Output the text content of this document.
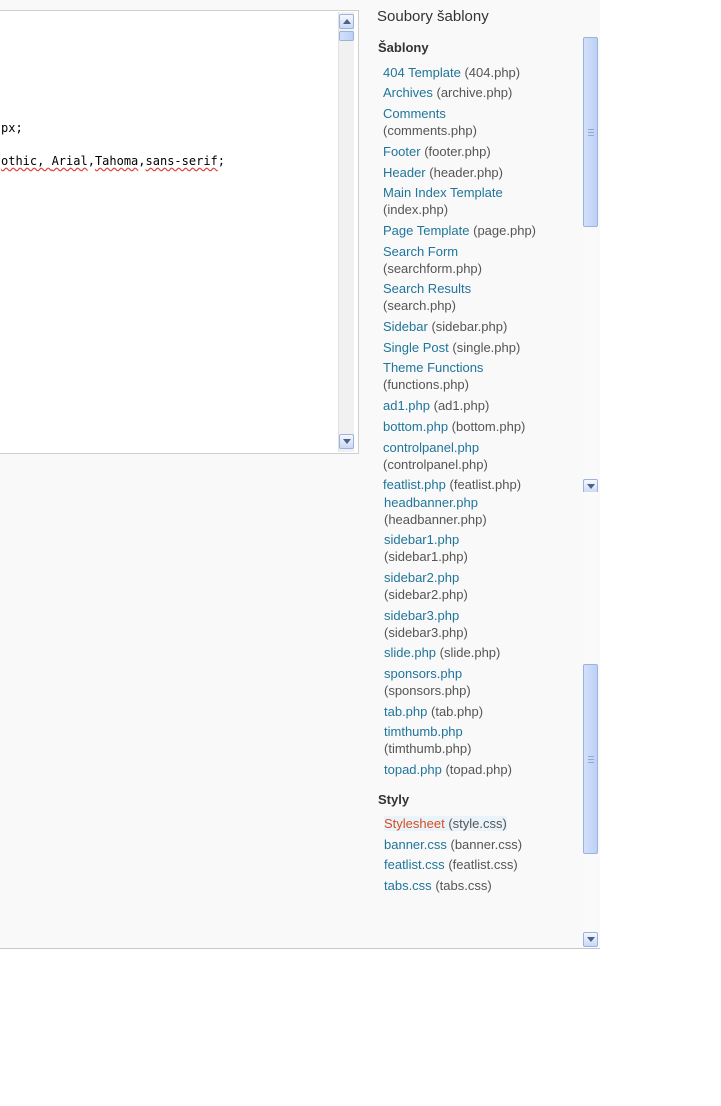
px;
othic, Arial,Tahoma,sans-serif;
Soubory šablony
Šablony
404 Template (404.php)
Archives (archive.php)
Comments
(comments.php)
Footer (footer.php)
Header (header.php)
Main Index Template
(index.php)
Page Template (page.php)
Search Form
(searchform.php)
Search Results
(search.php)
Sidebar (sidebar.php)
Single Post (single.php)
Theme Functions
(functions.php)
ad1.php (ad1.php)
bottom.php (bottom.php)
controlpanel.php
(controlpanel.php)
featlist.php (featlist.php)
headbanner.php
(headbanner.php)
sidebar1.php
(sidebar1.php)
sidebar2.php
(sidebar2.php)
sidebar3.php
(sidebar3.php)
slide.php (slide.php)
sponsors.php
(sponsors.php)
tab.php (tab.php)
timthumb.php
(timthumb.php)
topad.php (topad.php)
Styly
Stylesheet (style.css)
banner.css (banner.css)
featlist.css (featlist.css)
tabs.css (tabs.css)
